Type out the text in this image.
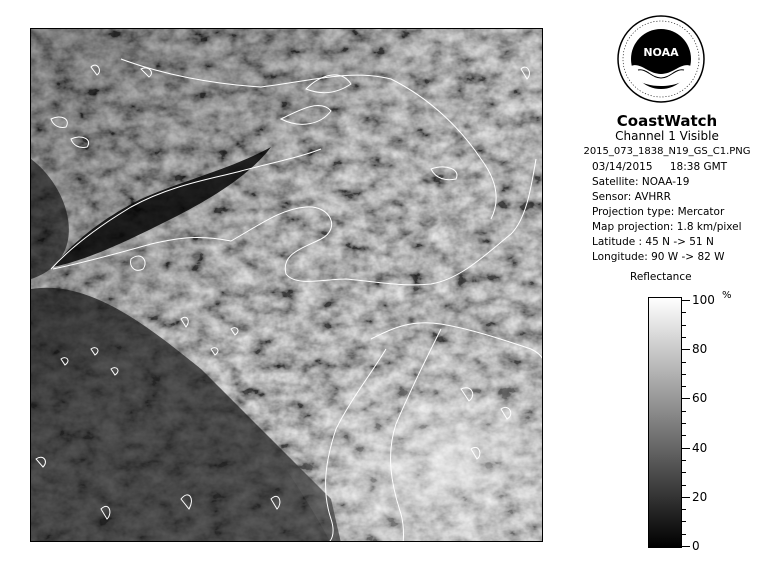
NOAA
CoastWatch
Channel 1 Visible
2015_073_1838_N19_GS_C1.PNG
03/14/2015 18:38 GMT
Satellite: NOAA-19
Sensor: AVHRR
Projection type: Mercator
Map projection: 1.8 km/pixel
Latitude : 45 N -> 51 N
Longitude: 90 W -> 82 W
Reflectance
%
100
80
60
40
20
0
